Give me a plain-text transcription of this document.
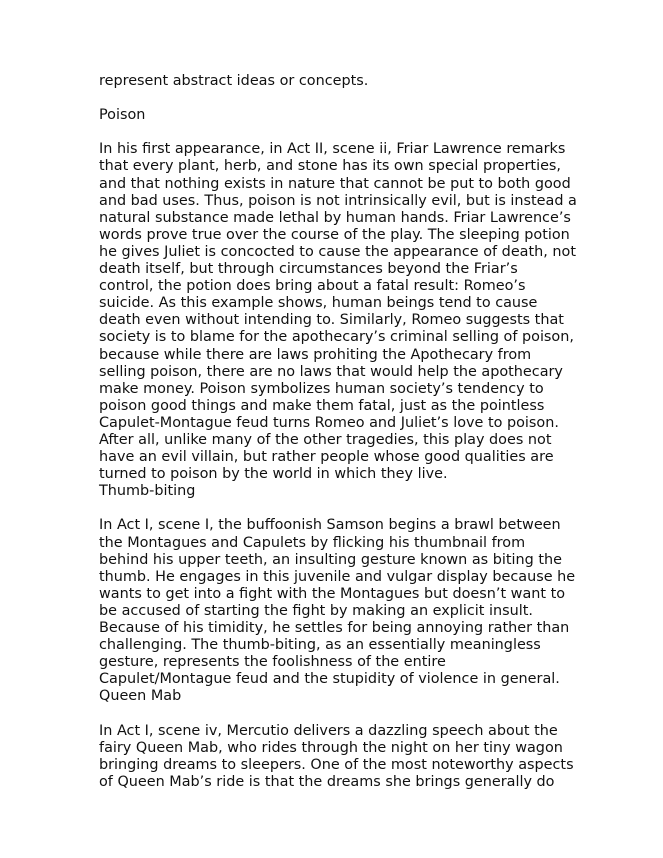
represent abstract ideas or concepts.
Poison
In his first appearance, in Act II, scene ii, Friar Lawrence remarks
that every plant, herb, and stone has its own special properties,
and that nothing exists in nature that cannot be put to both good
and bad uses. Thus, poison is not intrinsically evil, but is instead a
natural substance made lethal by human hands. Friar Lawrence’s
words prove true over the course of the play. The sleeping potion
he gives Juliet is concocted to cause the appearance of death, not
death itself, but through circumstances beyond the Friar’s
control, the potion does bring about a fatal result: Romeo’s
suicide. As this example shows, human beings tend to cause
death even without intending to. Similarly, Romeo suggests that
society is to blame for the apothecary’s criminal selling of poison,
because while there are laws prohiting the Apothecary from
selling poison, there are no laws that would help the apothecary
make money. Poison symbolizes human society’s tendency to
poison good things and make them fatal, just as the pointless
Capulet-Montague feud turns Romeo and Juliet’s love to poison.
After all, unlike many of the other tragedies, this play does not
have an evil villain, but rather people whose good qualities are
turned to poison by the world in which they live.
Thumb-biting
In Act I, scene I, the buffoonish Samson begins a brawl between
the Montagues and Capulets by flicking his thumbnail from
behind his upper teeth, an insulting gesture known as biting the
thumb. He engages in this juvenile and vulgar display because he
wants to get into a fight with the Montagues but doesn’t want to
be accused of starting the fight by making an explicit insult.
Because of his timidity, he settles for being annoying rather than
challenging. The thumb-biting, as an essentially meaningless
gesture, represents the foolishness of the entire
Capulet/Montague feud and the stupidity of violence in general.
Queen Mab
In Act I, scene iv, Mercutio delivers a dazzling speech about the
fairy Queen Mab, who rides through the night on her tiny wagon
bringing dreams to sleepers. One of the most noteworthy aspects
of Queen Mab’s ride is that the dreams she brings generally do
